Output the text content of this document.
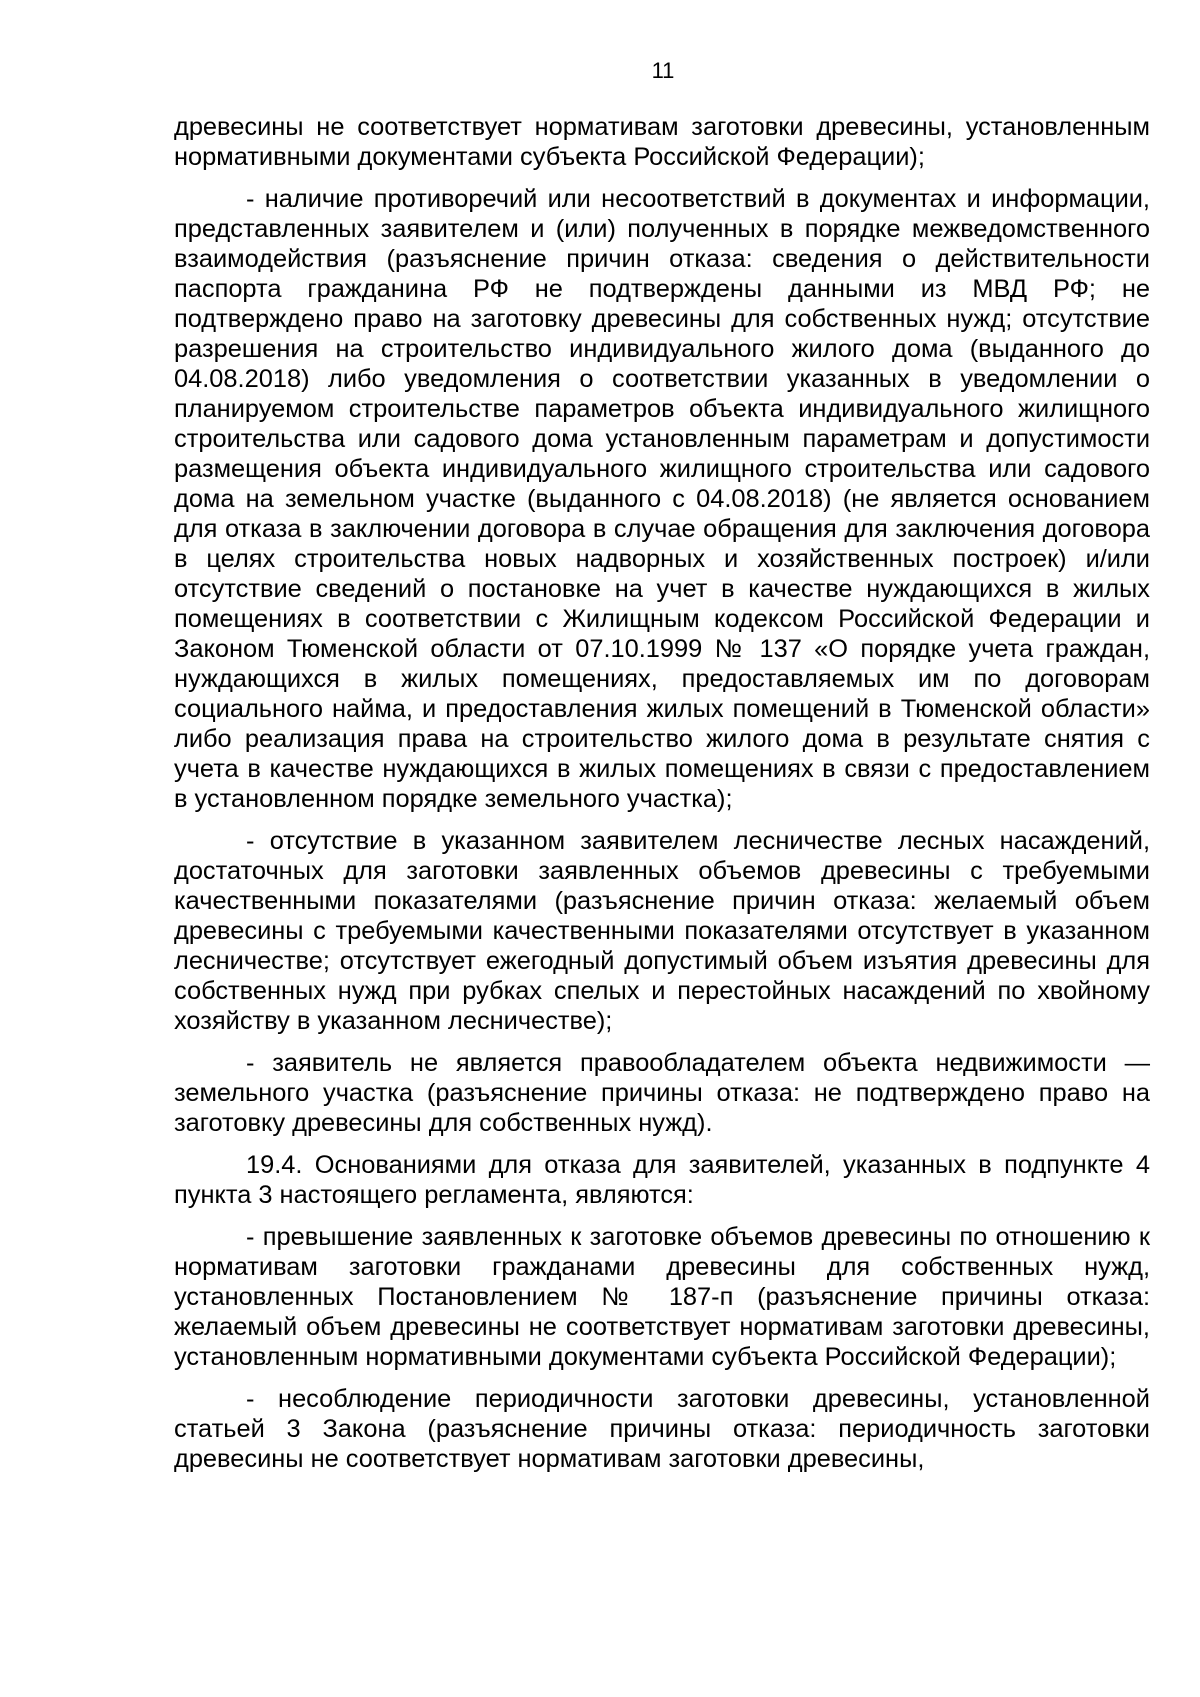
11

древесины не соответствует нормативам заготовки древесины, установленным нормативными документами субъекта Российской Федерации);

- наличие противоречий или несоответствий в документах и информации, представленных заявителем и (или) полученных в порядке межведомственного взаимодействия (разъяснение причин отказа: сведения о действительности паспорта гражданина РФ не подтверждены данными из МВД РФ; не подтверждено право на заготовку древесины для собственных нужд; отсутствие разрешения на строительство индивидуального жилого дома (выданного до 04.08.2018) либо уведомления о соответствии указанных в уведомлении о планируемом строительстве параметров объекта индивидуального жилищного строительства или садового дома установленным параметрам и допустимости размещения объекта индивидуального жилищного строительства или садового дома на земельном участке (выданного с 04.08.2018) (не является основанием для отказа в заключении договора в случае обращения для заключения договора в целях строительства новых надворных и хозяйственных построек) и/или отсутствие сведений о постановке на учет в качестве нуждающихся в жилых помещениях в соответствии с Жилищным кодексом Российской Федерации и Законом Тюменской области от 07.10.1999 № 137 «О порядке учета граждан, нуждающихся в жилых помещениях, предоставляемых им по договорам социального найма, и предоставления жилых помещений в Тюменской области» либо реализация права на строительство жилого дома в результате снятия с учета в качестве нуждающихся в жилых помещениях в связи с предоставлением в установленном порядке земельного участка);

- отсутствие в указанном заявителем лесничестве лесных насаждений, достаточных для заготовки заявленных объемов древесины с требуемыми качественными показателями (разъяснение причин отказа: желаемый объем древесины с требуемыми качественными показателями отсутствует в указанном лесничестве; отсутствует ежегодный допустимый объем изъятия древесины для собственных нужд при рубках спелых и перестойных насаждений по хвойному хозяйству в указанном лесничестве);

- заявитель не является правообладателем объекта недвижимости — земельного участка (разъяснение причины отказа: не подтверждено право на заготовку древесины для собственных нужд).

19.4. Основаниями для отказа для заявителей, указанных в подпункте 4 пункта 3 настоящего регламента, являются:

- превышение заявленных к заготовке объемов древесины по отношению к нормативам заготовки гражданами древесины для собственных нужд, установленных Постановлением № 187-п (разъяснение причины отказа: желаемый объем древесины не соответствует нормативам заготовки древесины, установленным нормативными документами субъекта Российской Федерации);

- несоблюдение периодичности заготовки древесины, установленной статьей 3 Закона (разъяснение причины отказа: периодичность заготовки древесины не соответствует нормативам заготовки древесины,
